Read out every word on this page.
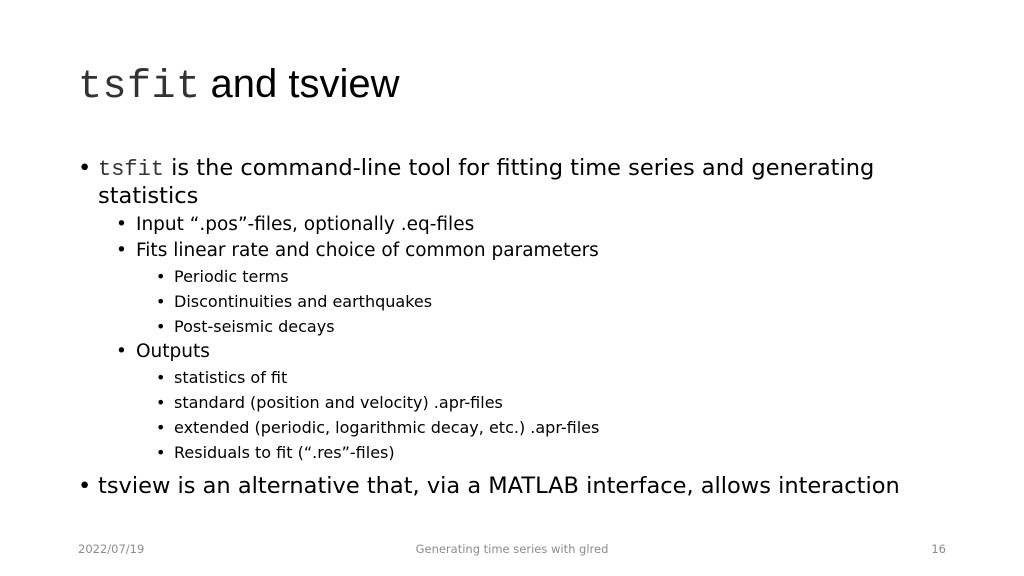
tsfit and tsview
• tsfit is the command-line tool for fitting time series and generating statistics
• Input “.pos”-files, optionally .eq-files
• Fits linear rate and choice of common parameters
• Periodic terms
• Discontinuities and earthquakes
• Post-seismic decays
• Outputs
• statistics of fit
• standard (position and velocity) .apr-files
• extended (periodic, logarithmic decay, etc.) .apr-files
• Residuals to fit (“.res”-files)
• tsview is an alternative that, via a MATLAB interface, allows interaction
2022/07/19	Generating time series with glred	16
